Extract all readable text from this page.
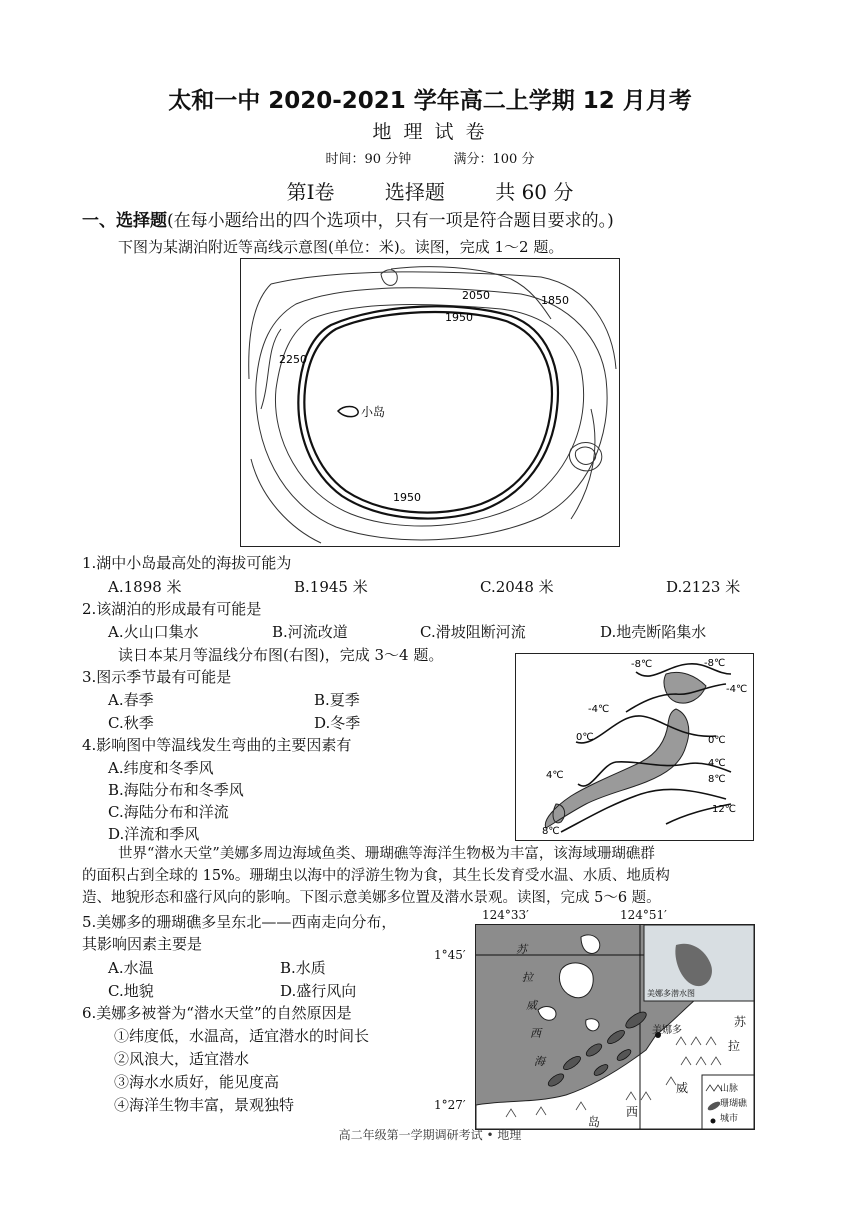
太和一中 2020-2021 学年高二上学期 12 月月考
地 理 试 卷
时间：90 分钟	满分：100 分
第Ⅰ卷	选择题	共 60 分
一、选择题(在每小题给出的四个选项中，只有一项是符合题目要求的。)
下图为某湖泊附近等高线示意图(单位：米)。读图，完成 1～2 题。
2050	1850
1950
2250
小岛
1950
1.湖中小岛最高处的海拔可能为
A.1898 米	B.1945 米	C.2048 米	D.2123 米
2.该湖泊的形成最有可能是
A.火山口集水	B.河流改道	C.滑坡阻断河流	D.地壳断陷集水
读日本某月等温线分布图(右图)，完成 3～4 题。
3.图示季节最有可能是
A.春季	B.夏季
C.秋季	D.冬季
4.影响图中等温线发生弯曲的主要因素有
A.纬度和冬季风
B.海陆分布和冬季风
C.海陆分布和洋流
D.洋流和季风
-8℃	-8℃
-4℃
-4℃
0℃	0℃
4℃
4℃
8℃
12℃
8℃
世界“潜水天堂”美娜多周边海域鱼类、珊瑚礁等海洋生物极为丰富，该海域珊瑚礁群
的面积占到全球的 15%。珊瑚虫以海中的浮游生物为食，其生长发育受水温、水质、地质构
造、地貌形态和盛行风向的影响。下图示意美娜多位置及潜水景观。读图，完成 5～6 题。
5.美娜多的珊瑚礁多呈东北——西南走向分布，
其影响因素主要是
A.水温	B.水质
C.地貌	D.盛行风向
6.美娜多被誉为“潜水天堂”的自然原因是
①纬度低，水温高，适宜潜水的时间长
②风浪大，适宜潜水
③海水水质好，能见度高
④海洋生物丰富，景观独特
124°33′	124°51′
1°45′
1°27′
苏
拉
威
西
海
苏
拉
威
西
岛
美娜多
美娜多潜水图
山脉
珊瑚礁
城市
高二年级第一学期调研考试 • 地理
